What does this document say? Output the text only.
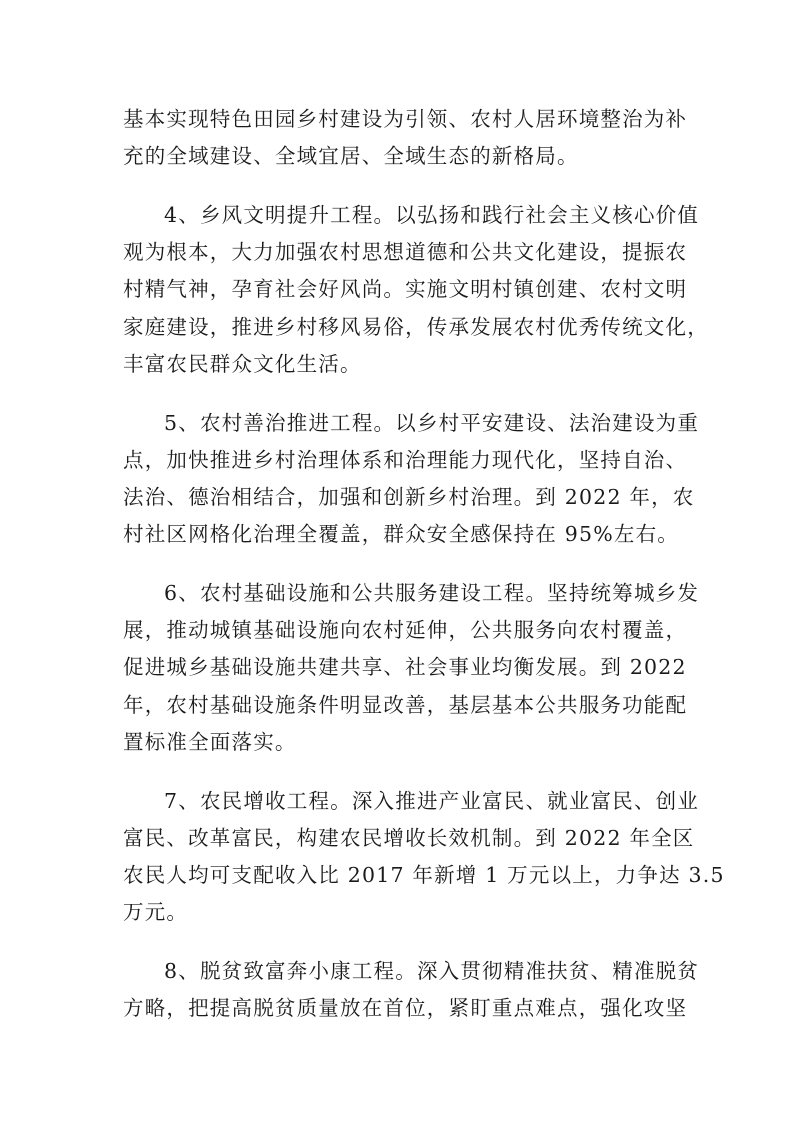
基本实现特色田园乡村建设为引领、农村人居环境整治为补
充的全域建设、全域宜居、全域生态的新格局。

4、乡风文明提升工程。以弘扬和践行社会主义核心价值
观为根本，大力加强农村思想道德和公共文化建设，提振农
村精气神，孕育社会好风尚。实施文明村镇创建、农村文明
家庭建设，推进乡村移风易俗，传承发展农村优秀传统文化，
丰富农民群众文化生活。

5、农村善治推进工程。以乡村平安建设、法治建设为重
点，加快推进乡村治理体系和治理能力现代化，坚持自治、
法治、德治相结合，加强和创新乡村治理。到 2022 年，农
村社区网格化治理全覆盖，群众安全感保持在 95%左右。

6、农村基础设施和公共服务建设工程。坚持统筹城乡发
展，推动城镇基础设施向农村延伸，公共服务向农村覆盖，
促进城乡基础设施共建共享、社会事业均衡发展。到 2022
年，农村基础设施条件明显改善，基层基本公共服务功能配
置标准全面落实。

7、农民增收工程。深入推进产业富民、就业富民、创业
富民、改革富民，构建农民增收长效机制。到 2022 年全区
农民人均可支配收入比 2017 年新增 1 万元以上，力争达 3.5
万元。

8、脱贫致富奔小康工程。深入贯彻精准扶贫、精准脱贫
方略，把提高脱贫质量放在首位，紧盯重点难点，强化攻坚
